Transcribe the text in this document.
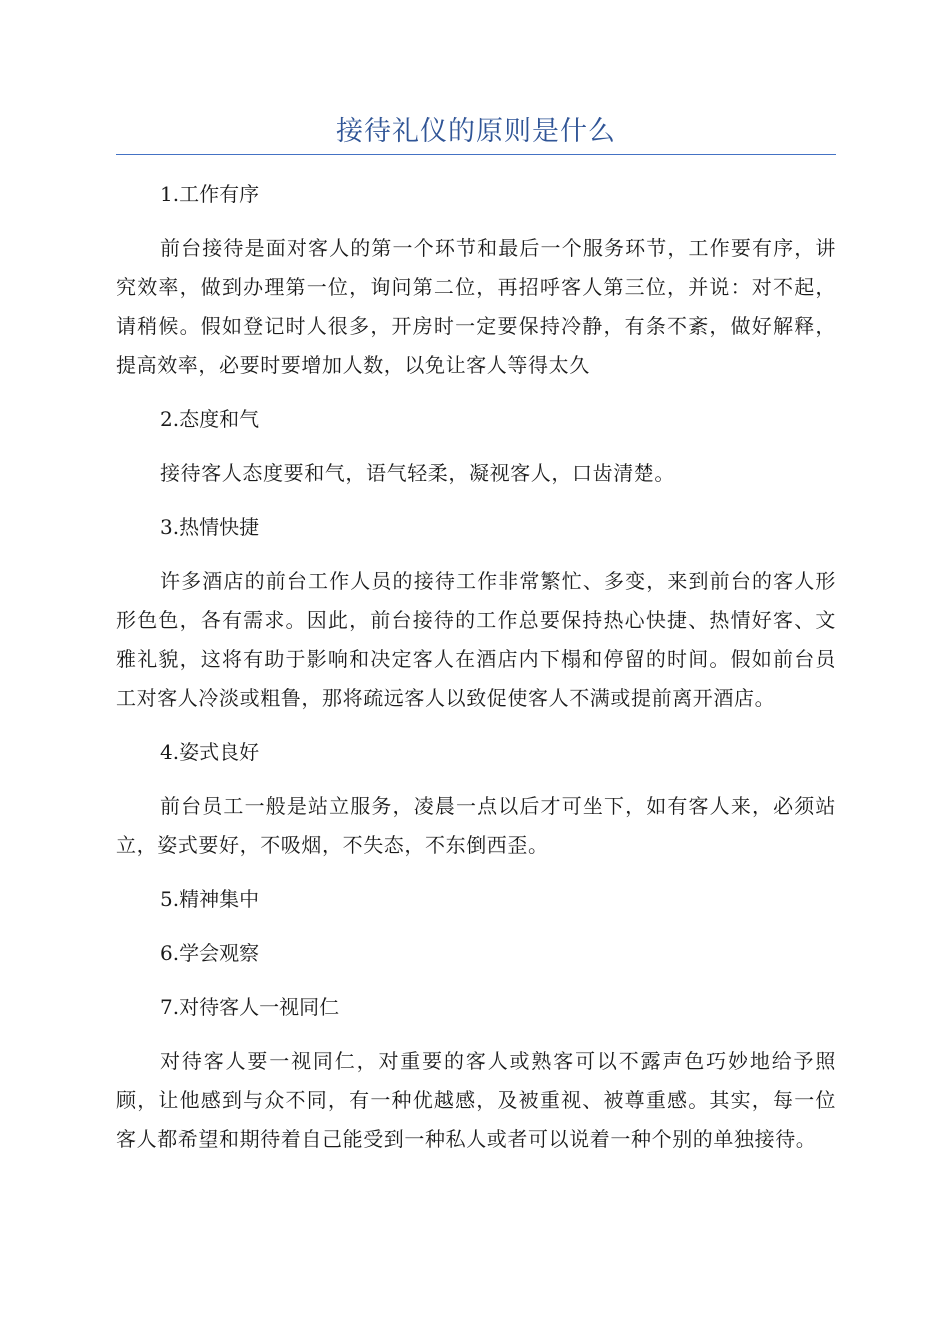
接待礼仪的原则是什么

1.工作有序

前台接待是面对客人的第一个环节和最后一个服务环节，工作要有序，讲究效率，做到办理第一位，询问第二位，再招呼客人第三位，并说：对不起，请稍候。假如登记时人很多，开房时一定要保持冷静，有条不紊，做好解释，提高效率，必要时要增加人数，以免让客人等得太久

2.态度和气

接待客人态度要和气，语气轻柔，凝视客人，口齿清楚。

3.热情快捷

许多酒店的前台工作人员的接待工作非常繁忙、多变，来到前台的客人形形色色，各有需求。因此，前台接待的工作总要保持热心快捷、热情好客、文雅礼貌，这将有助于影响和决定客人在酒店内下榻和停留的时间。假如前台员工对客人冷淡或粗鲁，那将疏远客人以致促使客人不满或提前离开酒店。

4.姿式良好

前台员工一般是站立服务，凌晨一点以后才可坐下，如有客人来，必须站立，姿式要好，不吸烟，不失态，不东倒西歪。

5.精神集中

6.学会观察

7.对待客人一视同仁

对待客人要一视同仁，对重要的客人或熟客可以不露声色巧妙地给予照顾，让他感到与众不同，有一种优越感，及被重视、被尊重感。其实，每一位客人都希望和期待着自己能受到一种私人或者可以说着一种个别的单独接待。
